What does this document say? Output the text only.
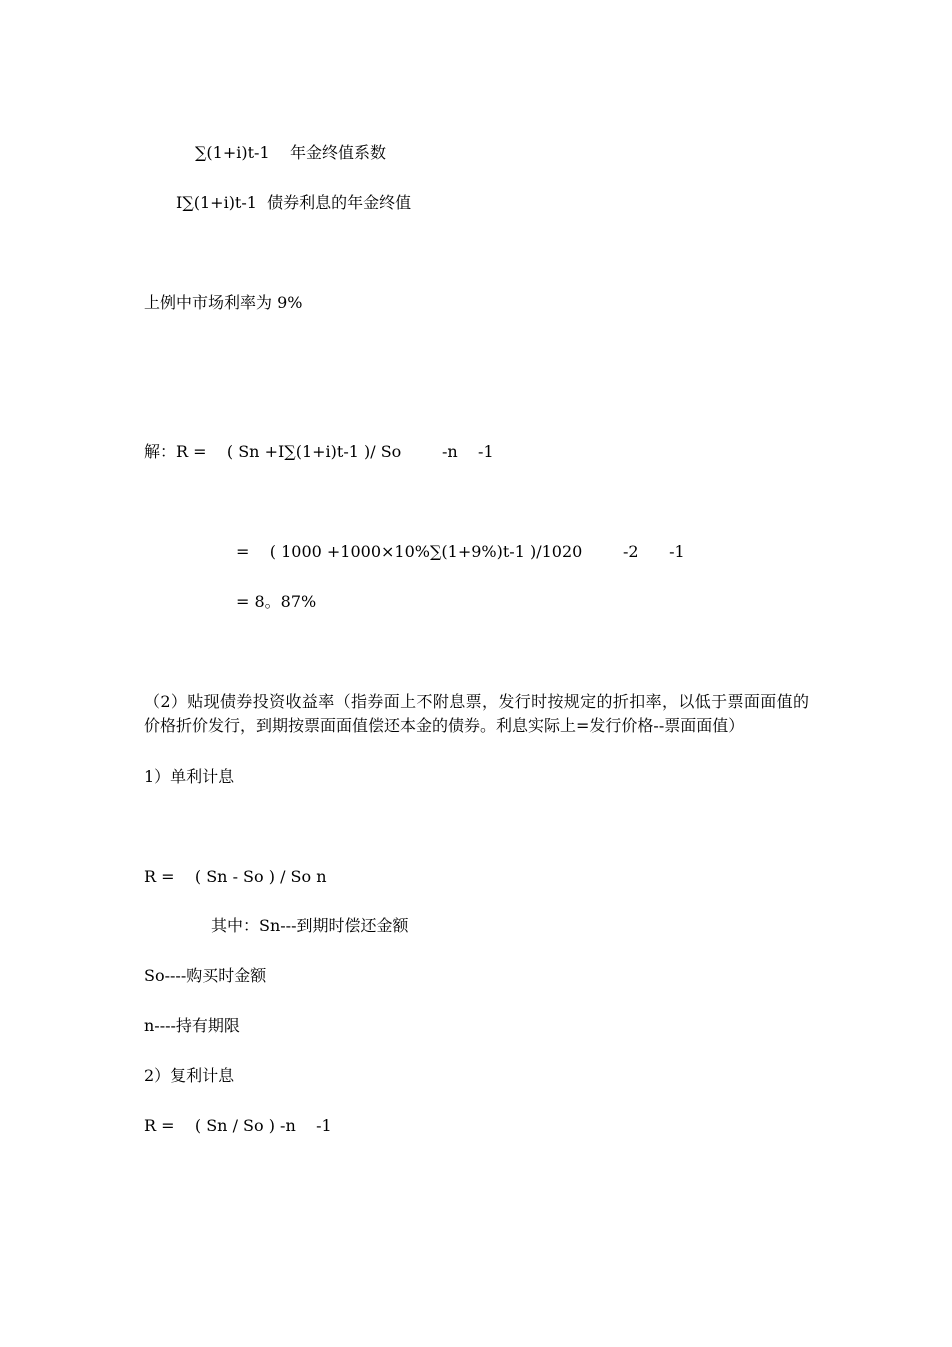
∑(1+i)t-1    年金终值系数

I∑(1+i)t-1  债券利息的年金终值

上例中市场利率为 9%

解：R =    ( Sn +I∑(1+i)t-1 )/ So        -n    -1

=    ( 1000 +1000×10%∑(1+9%)t-1 )/1020        -2      -1

= 8。87%

（2）贴现债券投资收益率（指券面上不附息票，发行时按规定的折扣率，以低于票面面值的价格折价发行，到期按票面面值偿还本金的债券。利息实际上=发行价格--票面面值）

1）单利计息

R =    ( Sn - So ) / So n

其中：Sn---到期时偿还金额

So----购买时金额

n----持有期限

2）复利计息

R =    ( Sn / So ) -n    -1
